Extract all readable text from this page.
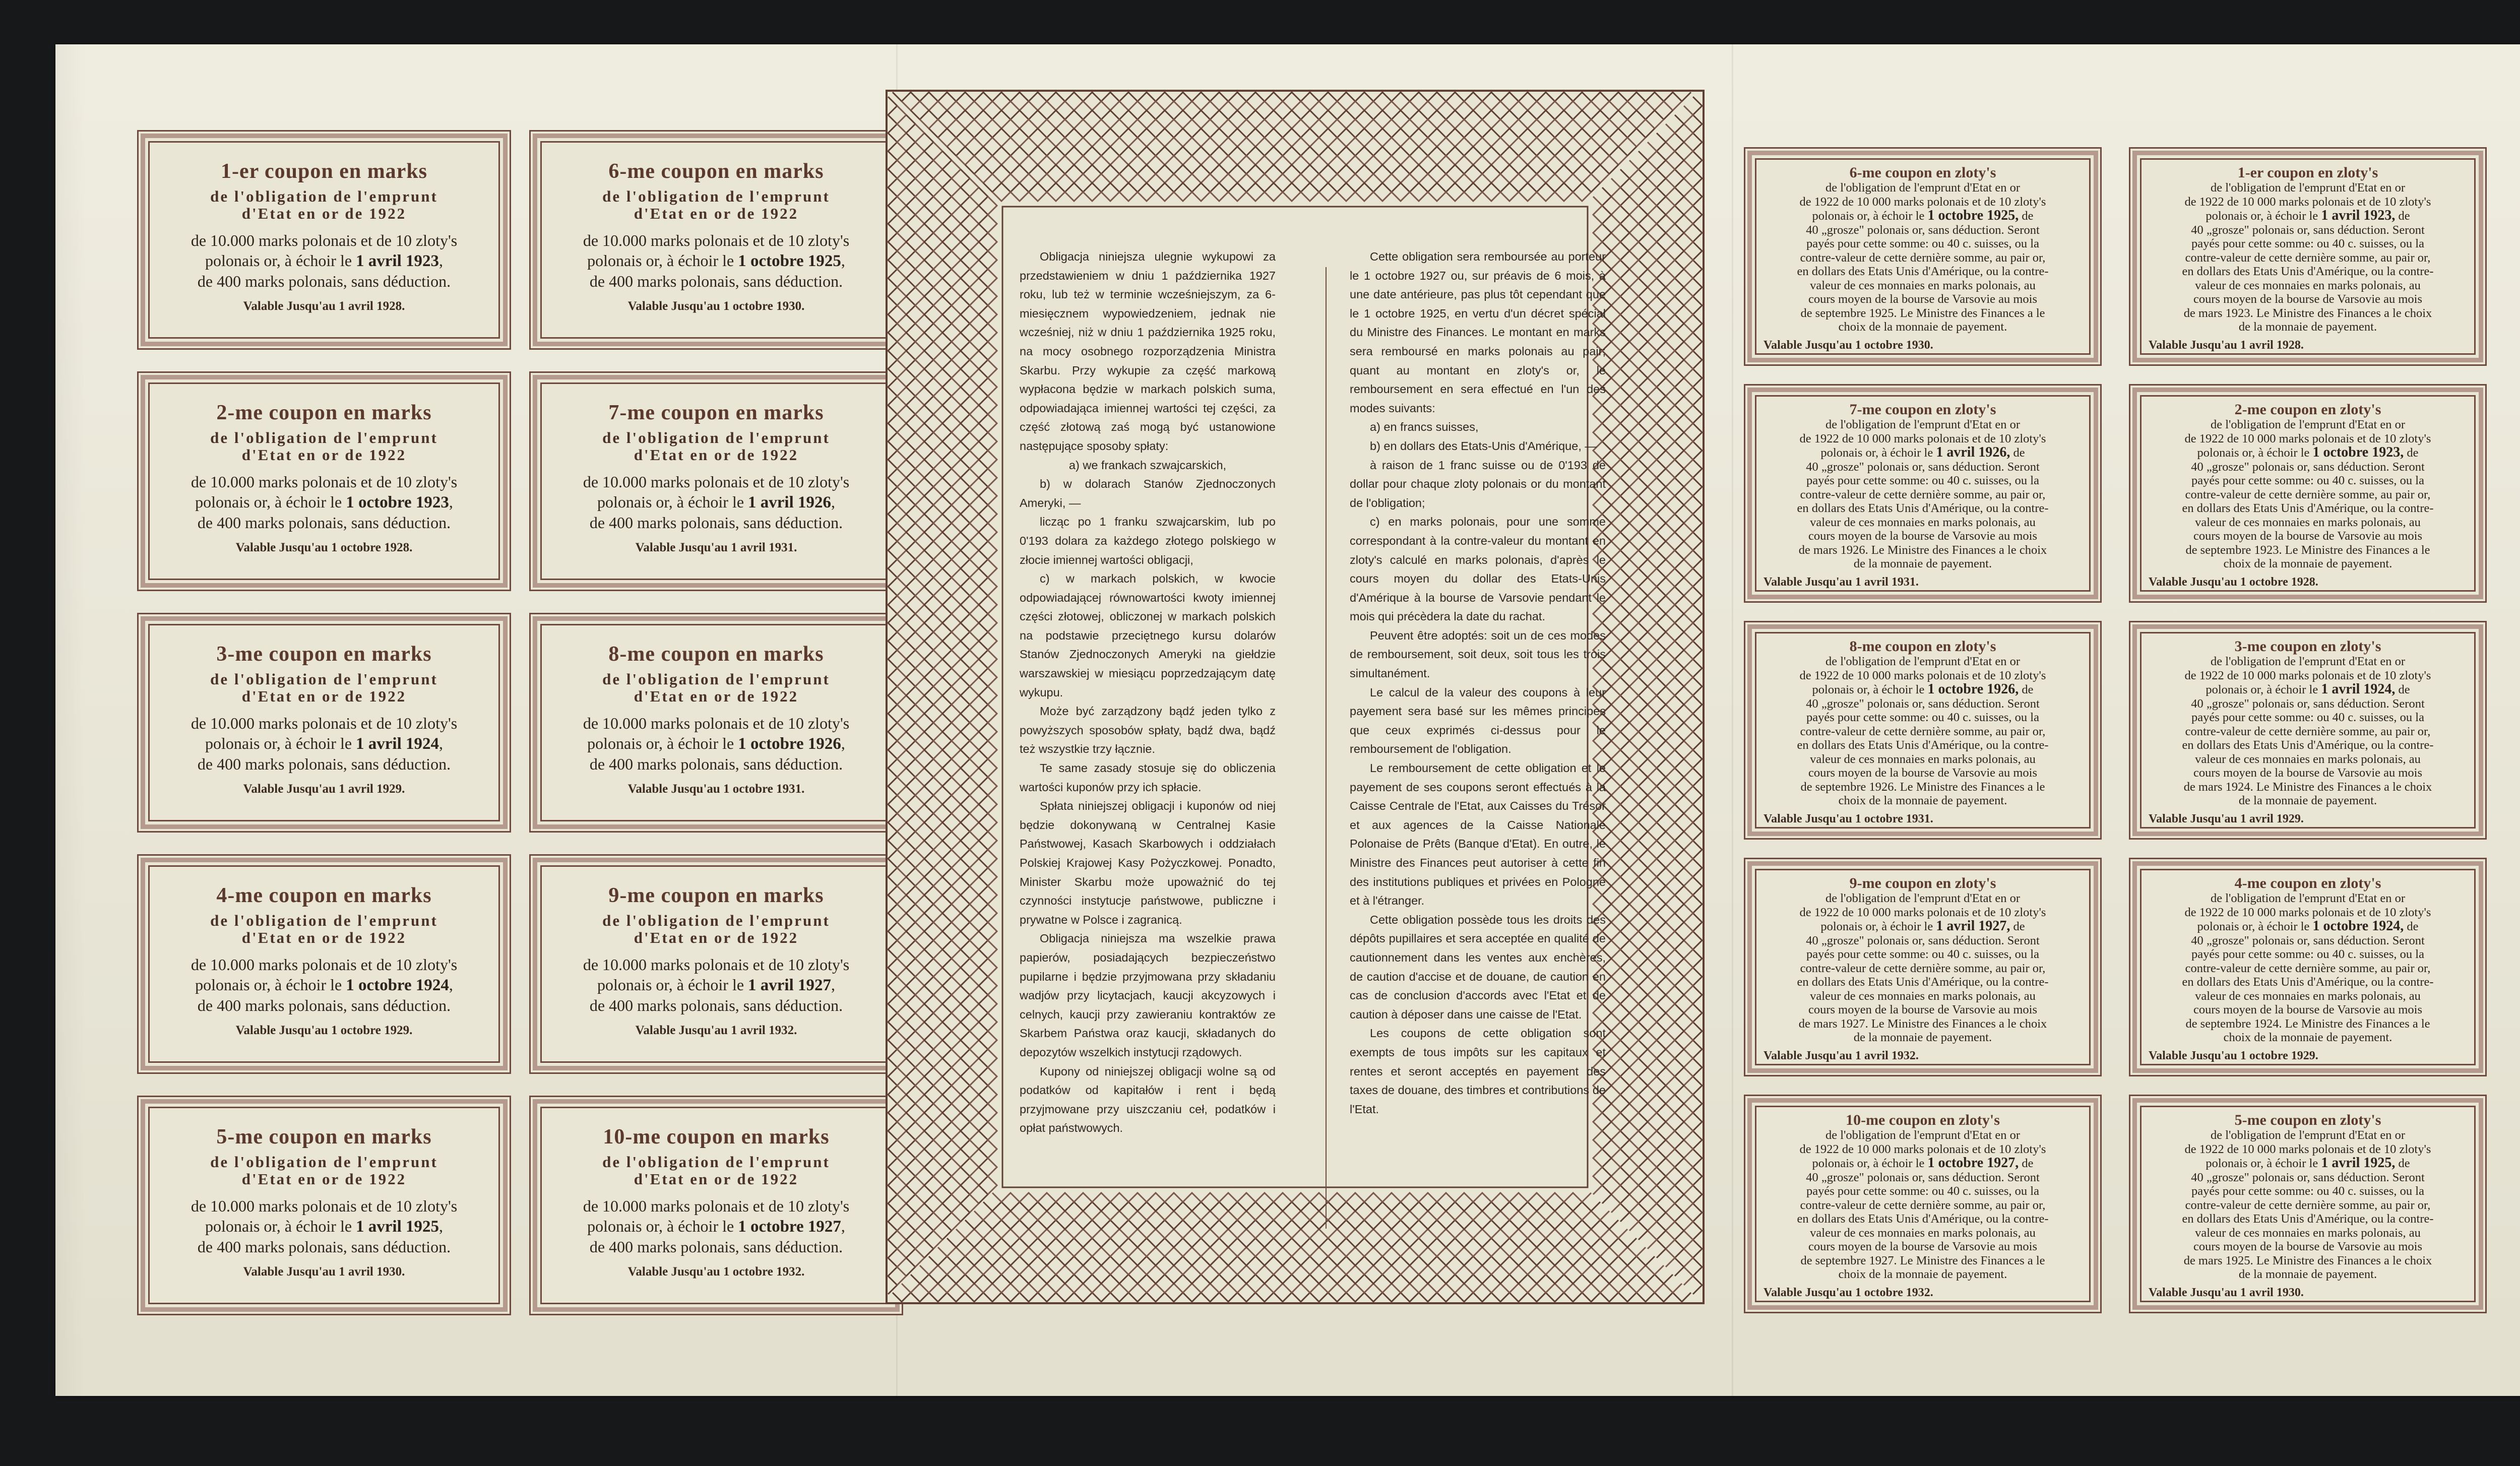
1-er coupon en marks
de l'obligation de l'emprunt
d'Etat en or de 1922
de 10.000 marks polonais et de 10 zloty's
polonais or, à échoir le 1 avril 1923,
de 400 marks polonais, sans déduction.
Valable Jusqu'au 1 avril 1928.
2-me coupon en marks
de l'obligation de l'emprunt
d'Etat en or de 1922
de 10.000 marks polonais et de 10 zloty's
polonais or, à échoir le 1 octobre 1923,
de 400 marks polonais, sans déduction.
Valable Jusqu'au 1 octobre 1928.
3-me coupon en marks
de l'obligation de l'emprunt
d'Etat en or de 1922
de 10.000 marks polonais et de 10 zloty's
polonais or, à échoir le 1 avril 1924,
de 400 marks polonais, sans déduction.
Valable Jusqu'au 1 avril 1929.
4-me coupon en marks
de l'obligation de l'emprunt
d'Etat en or de 1922
de 10.000 marks polonais et de 10 zloty's
polonais or, à échoir le 1 octobre 1924,
de 400 marks polonais, sans déduction.
Valable Jusqu'au 1 octobre 1929.
5-me coupon en marks
de l'obligation de l'emprunt
d'Etat en or de 1922
de 10.000 marks polonais et de 10 zloty's
polonais or, à échoir le 1 avril 1925,
de 400 marks polonais, sans déduction.
Valable Jusqu'au 1 avril 1930.
6-me coupon en marks
de l'obligation de l'emprunt
d'Etat en or de 1922
de 10.000 marks polonais et de 10 zloty's
polonais or, à échoir le 1 octobre 1925,
de 400 marks polonais, sans déduction.
Valable Jusqu'au 1 octobre 1930.
7-me coupon en marks
de l'obligation de l'emprunt
d'Etat en or de 1922
de 10.000 marks polonais et de 10 zloty's
polonais or, à échoir le 1 avril 1926,
de 400 marks polonais, sans déduction.
Valable Jusqu'au 1 avril 1931.
8-me coupon en marks
de l'obligation de l'emprunt
d'Etat en or de 1922
de 10.000 marks polonais et de 10 zloty's
polonais or, à échoir le 1 octobre 1926,
de 400 marks polonais, sans déduction.
Valable Jusqu'au 1 octobre 1931.
9-me coupon en marks
de l'obligation de l'emprunt
d'Etat en or de 1922
de 10.000 marks polonais et de 10 zloty's
polonais or, à échoir le 1 avril 1927,
de 400 marks polonais, sans déduction.
Valable Jusqu'au 1 avril 1932.
10-me coupon en marks
de l'obligation de l'emprunt
d'Etat en or de 1922
de 10.000 marks polonais et de 10 zloty's
polonais or, à échoir le 1 octobre 1927,
de 400 marks polonais, sans déduction.
Valable Jusqu'au 1 octobre 1932.
1-er coupon en zloty's
de l'obligation de l'emprunt d'Etat en or
de 1922 de 10 000 marks polonais et de 10 zloty's
polonais or, à échoir le 1 avril 1923, de
40 „grosze" polonais or, sans déduction. Seront
payés pour cette somme: ou 40 c. suisses, ou la
contre-valeur de cette dernière somme, au pair or,
en dollars des Etats Unis d'Amérique, ou la contre-
valeur de ces monnaies en marks polonais, au
cours moyen de la bourse de Varsovie au mois
de mars 1923. Le Ministre des Finances a le choix
de la monnaie de payement.
Valable Jusqu'au 1 avril 1928.
2-me coupon en zloty's
de l'obligation de l'emprunt d'Etat en or
de 1922 de 10 000 marks polonais et de 10 zloty's
polonais or, à échoir le 1 octobre 1923, de
40 „grosze" polonais or, sans déduction. Seront
payés pour cette somme: ou 40 c. suisses, ou la
contre-valeur de cette dernière somme, au pair or,
en dollars des Etats Unis d'Amérique, ou la contre-
valeur de ces monnaies en marks polonais, au
cours moyen de la bourse de Varsovie au mois
de septembre 1923. Le Ministre des Finances a le
choix de la monnaie de payement.
Valable Jusqu'au 1 octobre 1928.
3-me coupon en zloty's
de l'obligation de l'emprunt d'Etat en or
de 1922 de 10 000 marks polonais et de 10 zloty's
polonais or, à échoir le 1 avril 1924, de
40 „grosze" polonais or, sans déduction. Seront
payés pour cette somme: ou 40 c. suisses, ou la
contre-valeur de cette dernière somme, au pair or,
en dollars des Etats Unis d'Amérique, ou la contre-
valeur de ces monnaies en marks polonais, au
cours moyen de la bourse de Varsovie au mois
de mars 1924. Le Ministre des Finances a le choix
de la monnaie de payement.
Valable Jusqu'au 1 avril 1929.
4-me coupon en zloty's
de l'obligation de l'emprunt d'Etat en or
de 1922 de 10 000 marks polonais et de 10 zloty's
polonais or, à échoir le 1 octobre 1924, de
40 „grosze" polonais or, sans déduction. Seront
payés pour cette somme: ou 40 c. suisses, ou la
contre-valeur de cette dernière somme, au pair or,
en dollars des Etats Unis d'Amérique, ou la contre-
valeur de ces monnaies en marks polonais, au
cours moyen de la bourse de Varsovie au mois
de septembre 1924. Le Ministre des Finances a le
choix de la monnaie de payement.
Valable Jusqu'au 1 octobre 1929.
5-me coupon en zloty's
de l'obligation de l'emprunt d'Etat en or
de 1922 de 10 000 marks polonais et de 10 zloty's
polonais or, à échoir le 1 avril 1925, de
40 „grosze" polonais or, sans déduction. Seront
payés pour cette somme: ou 40 c. suisses, ou la
contre-valeur de cette dernière somme, au pair or,
en dollars des Etats Unis d'Amérique, ou la contre-
valeur de ces monnaies en marks polonais, au
cours moyen de la bourse de Varsovie au mois
de mars 1925. Le Ministre des Finances a le choix
de la monnaie de payement.
Valable Jusqu'au 1 avril 1930.
6-me coupon en zloty's
de l'obligation de l'emprunt d'Etat en or
de 1922 de 10 000 marks polonais et de 10 zloty's
polonais or, à échoir le 1 octobre 1925, de
40 „grosze" polonais or, sans déduction. Seront
payés pour cette somme: ou 40 c. suisses, ou la
contre-valeur de cette dernière somme, au pair or,
en dollars des Etats Unis d'Amérique, ou la contre-
valeur de ces monnaies en marks polonais, au
cours moyen de la bourse de Varsovie au mois
de septembre 1925. Le Ministre des Finances a le
choix de la monnaie de payement.
Valable Jusqu'au 1 octobre 1930.
7-me coupon en zloty's
de l'obligation de l'emprunt d'Etat en or
de 1922 de 10 000 marks polonais et de 10 zloty's
polonais or, à échoir le 1 avril 1926, de
40 „grosze" polonais or, sans déduction. Seront
payés pour cette somme: ou 40 c. suisses, ou la
contre-valeur de cette dernière somme, au pair or,
en dollars des Etats Unis d'Amérique, ou la contre-
valeur de ces monnaies en marks polonais, au
cours moyen de la bourse de Varsovie au mois
de mars 1926. Le Ministre des Finances a le choix
de la monnaie de payement.
Valable Jusqu'au 1 avril 1931.
8-me coupon en zloty's
de l'obligation de l'emprunt d'Etat en or
de 1922 de 10 000 marks polonais et de 10 zloty's
polonais or, à échoir le 1 octobre 1926, de
40 „grosze" polonais or, sans déduction. Seront
payés pour cette somme: ou 40 c. suisses, ou la
contre-valeur de cette dernière somme, au pair or,
en dollars des Etats Unis d'Amérique, ou la contre-
valeur de ces monnaies en marks polonais, au
cours moyen de la bourse de Varsovie au mois
de septembre 1926. Le Ministre des Finances a le
choix de la monnaie de payement.
Valable Jusqu'au 1 octobre 1931.
9-me coupon en zloty's
de l'obligation de l'emprunt d'Etat en or
de 1922 de 10 000 marks polonais et de 10 zloty's
polonais or, à échoir le 1 avril 1927, de
40 „grosze" polonais or, sans déduction. Seront
payés pour cette somme: ou 40 c. suisses, ou la
contre-valeur de cette dernière somme, au pair or,
en dollars des Etats Unis d'Amérique, ou la contre-
valeur de ces monnaies en marks polonais, au
cours moyen de la bourse de Varsovie au mois
de mars 1927. Le Ministre des Finances a le choix
de la monnaie de payement.
Valable Jusqu'au 1 avril 1932.
10-me coupon en zloty's
de l'obligation de l'emprunt d'Etat en or
de 1922 de 10 000 marks polonais et de 10 zloty's
polonais or, à échoir le 1 octobre 1927, de
40 „grosze" polonais or, sans déduction. Seront
payés pour cette somme: ou 40 c. suisses, ou la
contre-valeur de cette dernière somme, au pair or,
en dollars des Etats Unis d'Amérique, ou la contre-
valeur de ces monnaies en marks polonais, au
cours moyen de la bourse de Varsovie au mois
de septembre 1927. Le Ministre des Finances a le
choix de la monnaie de payement.
Valable Jusqu'au 1 octobre 1932.

Obligacja niniejsza ulegnie wykupowi za przedstawieniem w dniu 1 października 1927 roku, lub też w terminie wcześniejszym, za 6-miesięcznem wypowiedzeniem, jednak nie wcześniej, niż w dniu 1 października 1925 roku, na mocy osobnego rozporządzenia Ministra Skarbu. Przy wykupie za część markową wypłacona będzie w markach polskich suma, odpowiadająca imiennej wartości tej części, za część złotową zaś mogą być ustanowione następujące sposoby spłaty:

a) we frankach szwajcarskich,

b) w dolarach Stanów Zjednoczonych Ameryki, —

licząc po 1 franku szwajcarskim, lub po 0'193 dolara za każdego złotego polskiego w złocie imiennej wartości obligacji,

c) w markach polskich, w kwocie odpowiadającej równowartości kwoty imiennej części złotowej, obliczonej w markach polskich na podstawie przeciętnego kursu dolarów Stanów Zjednoczonych Ameryki na giełdzie warszawskiej w miesiącu poprzedzającym datę wykupu.

Może być zarządzony bądź jeden tylko z powyższych sposobów spłaty, bądź dwa, bądź też wszystkie trzy łącznie.

Te same zasady stosuje się do obliczenia wartości kuponów przy ich spłacie.

Spłata niniejszej obligacji i kuponów od niej będzie dokonywaną w Centralnej Kasie Państwowej, Kasach Skarbowych i oddziałach Polskiej Krajowej Kasy Pożyczkowej. Ponadto, Minister Skarbu może upoważnić do tej czynności instytucje państwowe, publiczne i prywatne w Polsce i zagranicą.

Obligacja niniejsza ma wszelkie prawa papierów, posiadających bezpieczeństwo pupilarne i będzie przyjmowana przy składaniu wadjów przy licytacjach, kaucji akcyzowych i celnych, kaucji przy zawieraniu kontraktów ze Skarbem Państwa oraz kaucji, składanych do depozytów wszelkich instytucji rządowych.

Kupony od niniejszej obligacji wolne są od podatków od kapitałów i rent i będą przyjmowane przy uiszczaniu ceł, podatków i opłat państwowych.

Cette obligation sera remboursée au porteur le 1 octobre 1927 ou, sur préavis de 6 mois, à une date antérieure, pas plus tôt cependant que le 1 octobre 1925, en vertu d'un décret spécial du Ministre des Finances. Le montant en marks sera remboursé en marks polonais au pair; quant au montant en zloty's or, le remboursement en sera effectué en l'un des modes suivants:

a) en francs suisses,

b) en dollars des Etats-Unis d'Amérique, —

à raison de 1 franc suisse ou de 0'193 de dollar pour chaque zloty polonais or du montant de l'obligation;

c) en marks polonais, pour une somme correspondant à la contre-valeur du montant en zloty's calculé en marks polonais, d'après le cours moyen du dollar des Etats-Unis d'Amérique à la bourse de Varsovie pendant le mois qui précèdera la date du rachat.

Peuvent être adoptés: soit un de ces modes de remboursement, soit deux, soit tous les trois simultanément.

Le calcul de la valeur des coupons à leur payement sera basé sur les mêmes principes que ceux exprimés ci-dessus pour le remboursement de l'obligation.

Le remboursement de cette obligation et le payement de ses coupons seront effectués à la Caisse Centrale de l'Etat, aux Caisses du Trésor et aux agences de la Caisse Nationale Polonaise de Prêts (Banque d'Etat). En outre, le Ministre des Finances peut autoriser à cette fin des institutions publiques et privées en Pologne et à l'étranger.

Cette obligation possède tous les droits des dépôts pupillaires et sera acceptée en qualité de cautionnement dans les ventes aux enchères, de caution d'accise et de douane, de caution en cas de conclusion d'accords avec l'Etat et de caution à déposer dans une caisse de l'Etat.

Les coupons de cette obligation sont exempts de tous impôts sur les capitaux et rentes et seront acceptés en payement des taxes de douane, des timbres et contributions de l'Etat.
